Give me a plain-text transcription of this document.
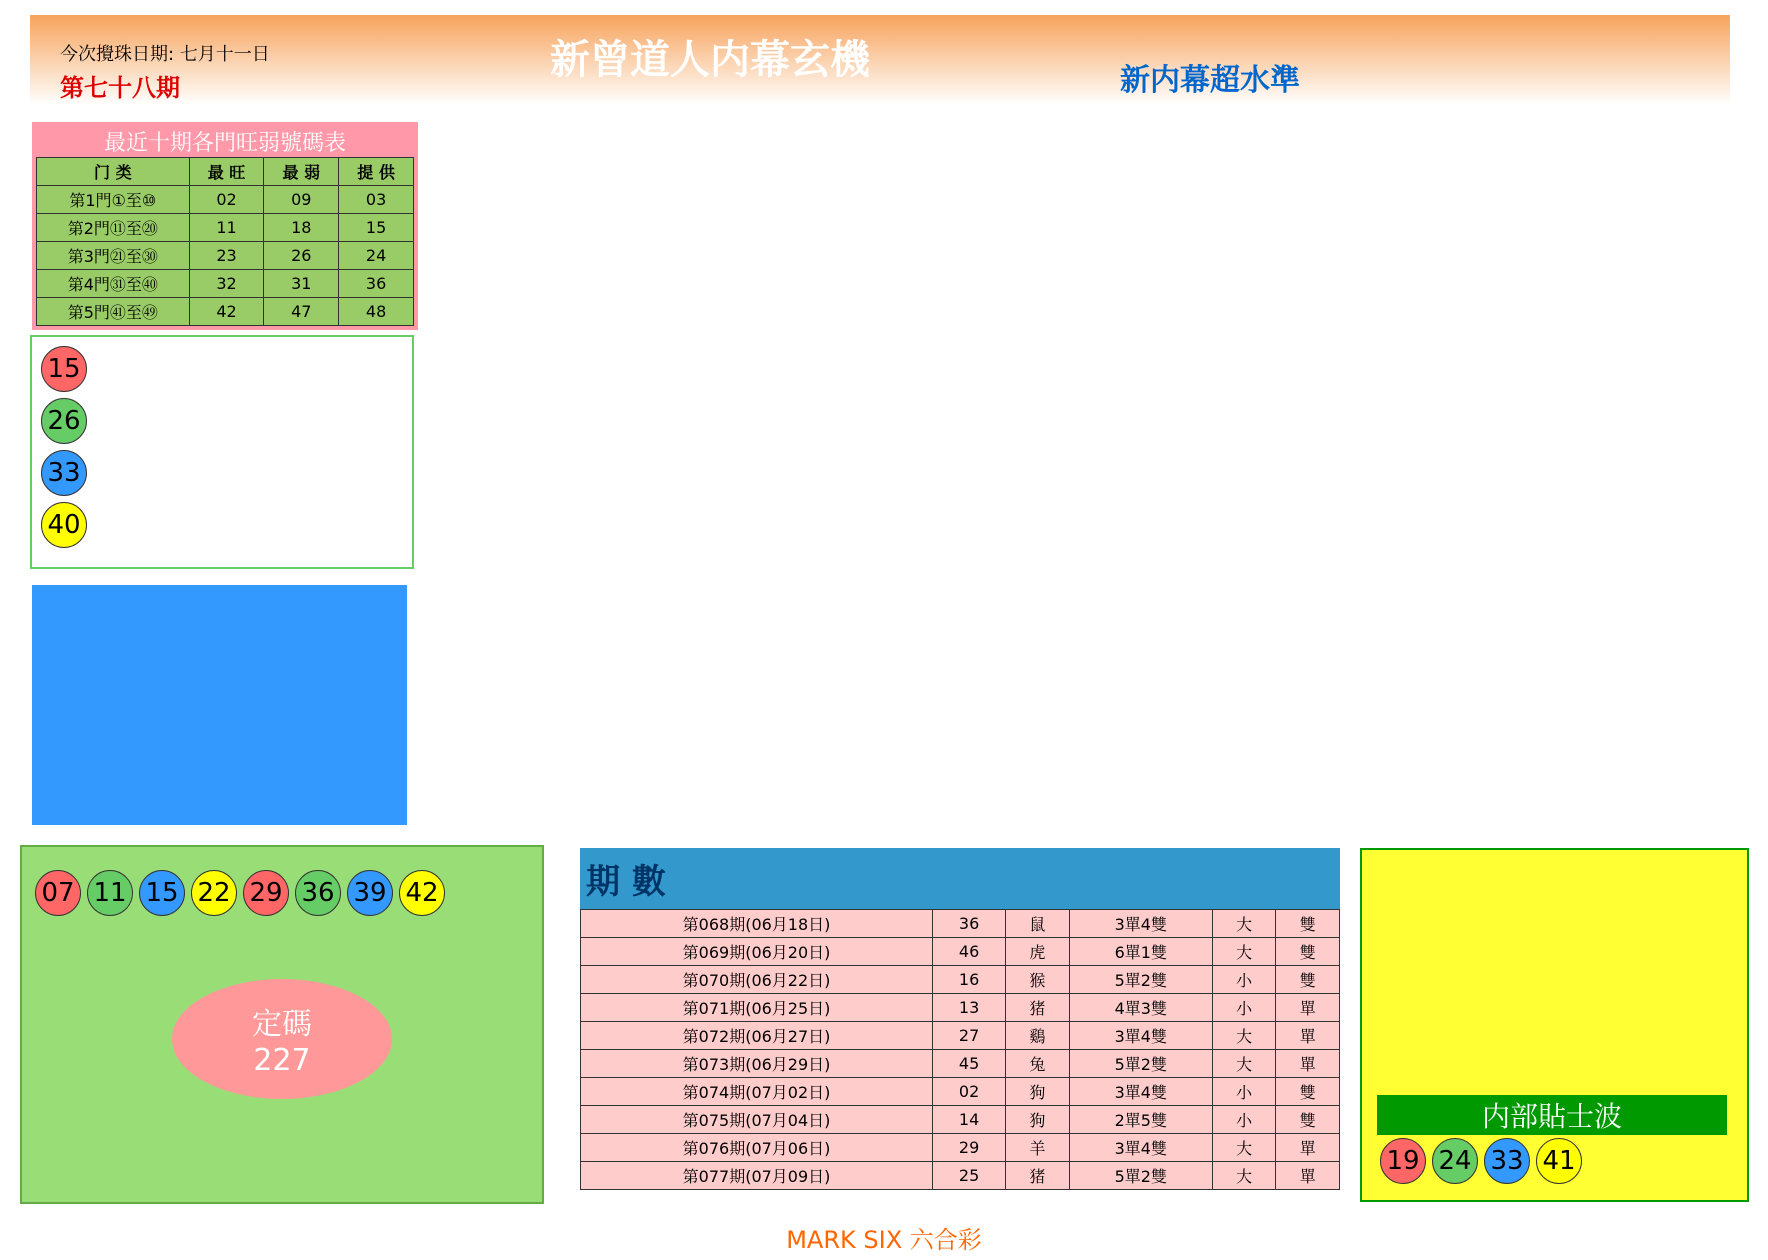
今次攪珠日期: 七月十一日
第七十八期
新曾道人内幕玄機	新内幕超水準
最近十期各門旺弱號碼表
门 类	最 旺	最 弱	提 供
第1門①至⑩	02	09	03
第2門⑪至⑳	11	18	15
第3門㉑至㉚	23	26	24
第4門㉛至㊵	32	31	36
第5門㊶至㊾	42	47	48
15263340
07 11 15 22 29 36 39 42
定碼
227
期 數
第068期(06月18日)	36	鼠	3單4雙	大	雙
第069期(06月20日)	46	虎	6單1雙	大	雙
第070期(06月22日)	16	猴	5單2雙	小	雙
第071期(06月25日)	13	猪	4單3雙	小	單
第072期(06月27日)	27	鷄	3單4雙	大	單
第073期(06月29日)	45	兔	5單2雙	大	單
第074期(07月02日)	02	狗	3單4雙	小	雙
第075期(07月04日)	14	狗	2單5雙	小	雙
第076期(07月06日)	29	羊	3單4雙	大	單
第077期(07月09日)	25	猪	5單2雙	大	單
内部貼士波
19 24 33 41
MARK SIX 六合彩
